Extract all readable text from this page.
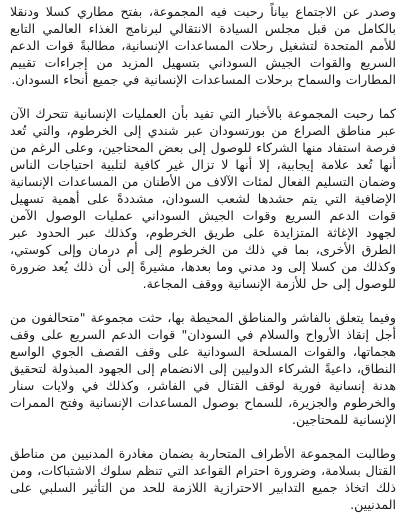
وصدر عن الاجتماع بياناً رحبت فيه المجموعة، بفتح مطاري كسلا ودنقلا بالكامل من قبل مجلس السيادة الانتقالي لبرنامج الغذاء العالمي التابع للأمم المتحدة لتشغيل رحلات المساعدات الإنسانية، مطالبةً قوات الدعم السريع والقوات الجيش السوداني بتسهيل المزيد من إجراءات تقييم المطارات والسماح برحلات المساعدات الإنسانية في جميع أنحاء السودان.

كما رحبت المجموعة بالأخبار التي تفيد بأن العمليات الإنسانية تتحرك الآن عبر مناطق الصراع من بورتسودان عبر شندي إلى الخرطوم، والتي تُعد فرصة استفاد منها الشركاء للوصول إلى بعض المحتاجين، وعلى الرغم من أنها تُعد علامة إيجابية، إلا أنها لا تزال غير كافية لتلبية احتياجات الناس وضمان التسليم الفعال لمئات الآلاف من الأطنان من المساعدات الإنسانية الإضافية التي يتم حشدها لشعب السودان، مشددةً على أهمية تسهيل قوات الدعم السريع وقوات الجيش السوداني عمليات الوصول الآمن لجهود الإغاثة المتزايدة على طريق الخرطوم، وكذلك عبر الحدود عبر الطرق الأخرى، بما في ذلك من الخرطوم إلى أم درمان وإلى كوستي، وكذلك من كسلا إلى ود مدني وما بعدها، مشيرةً إلى أن ذلك يُعد ضرورة للوصول إلى حل للأزمة الإنسانية ووقف المجاعة.

وفيما يتعلق بالفاشر والمناطق المحيطة بها، حثت مجموعة "متحالفون من أجل إنقاذ الأرواح والسلام في السودان" قوات الدعم السريع على وقف هجماتها، والقوات المسلحة السودانية على وقف القصف الجوي الواسع النطاق، داعيةً الشركاء الدوليين إلى الانضمام إلى الجهود المبذولة لتحقيق هدنة إنسانية فورية لوقف القتال في الفاشر، وكذلك في ولايات سنار والخرطوم والجزيرة، للسماح بوصول المساعدات الإنسانية وفتح الممرات الإنسانية للمحتاجين.

وطالبت المجموعة الأطراف المتحاربة بضمان مغادرة المدنيين من مناطق القتال بسلامة، وضرورة احترام القواعد التي تنظم سلوك الاشتباكات، ومن ذلك اتخاذ جميع التدابير الاحترازية اللازمة للحد من التأثير السلبي على المدنيين.
